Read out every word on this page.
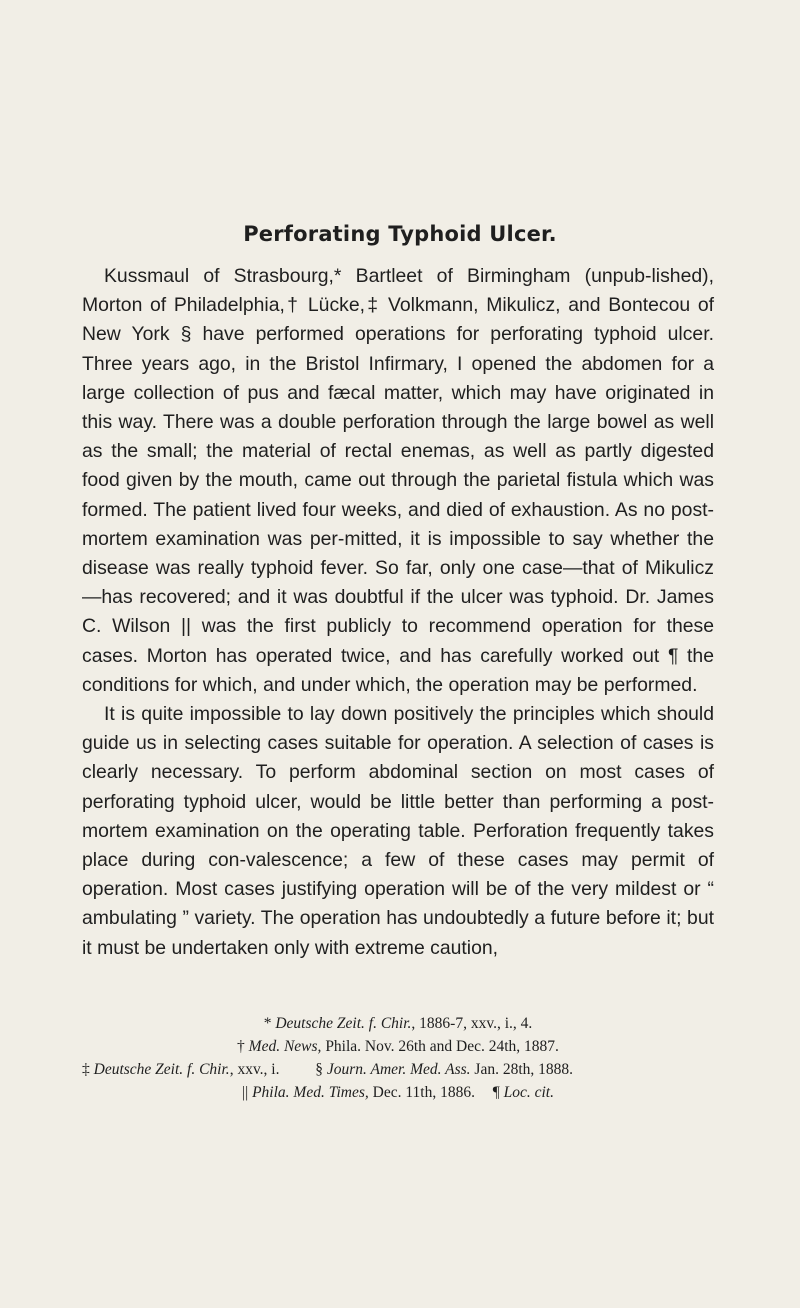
Perforating Typhoid Ulcer.

Kussmaul of Strasbourg,* Bartleet of Birmingham (unpub-lished), Morton of Philadelphia,† Lücke,‡ Volkmann, Mikulicz, and Bontecou of New York § have performed operations for perforating typhoid ulcer. Three years ago, in the Bristol Infirmary, I opened the abdomen for a large collection of pus and fæcal matter, which may have originated in this way. There was a double perforation through the large bowel as well as the small; the material of rectal enemas, as well as partly digested food given by the mouth, came out through the parietal fistula which was formed. The patient lived four weeks, and died of exhaustion. As no post-mortem examination was per-mitted, it is impossible to say whether the disease was really typhoid fever. So far, only one case—that of Mikulicz—has recovered; and it was doubtful if the ulcer was typhoid. Dr. James C. Wilson || was the first publicly to recommend operation for these cases. Morton has operated twice, and has carefully worked out ¶ the conditions for which, and under which, the operation may be performed.

It is quite impossible to lay down positively the principles which should guide us in selecting cases suitable for operation. A selection of cases is clearly necessary. To perform abdominal section on most cases of perforating typhoid ulcer, would be little better than performing a post-mortem examination on the operating table. Perforation frequently takes place during con-valescence; a few of these cases may permit of operation. Most cases justifying operation will be of the very mildest or “ ambulating ” variety. The operation has undoubtedly a future before it; but it must be undertaken only with extreme caution,

* Deutsche Zeit. f. Chir., 1886-7, xxv., i., 4.
† Med. News, Phila. Nov. 26th and Dec. 24th, 1887.
‡ Deutsche Zeit. f. Chir., xxv., i. § Journ. Amer. Med. Ass. Jan. 28th, 1888.
|| Phila. Med. Times, Dec. 11th, 1886. ¶ Loc. cit.
